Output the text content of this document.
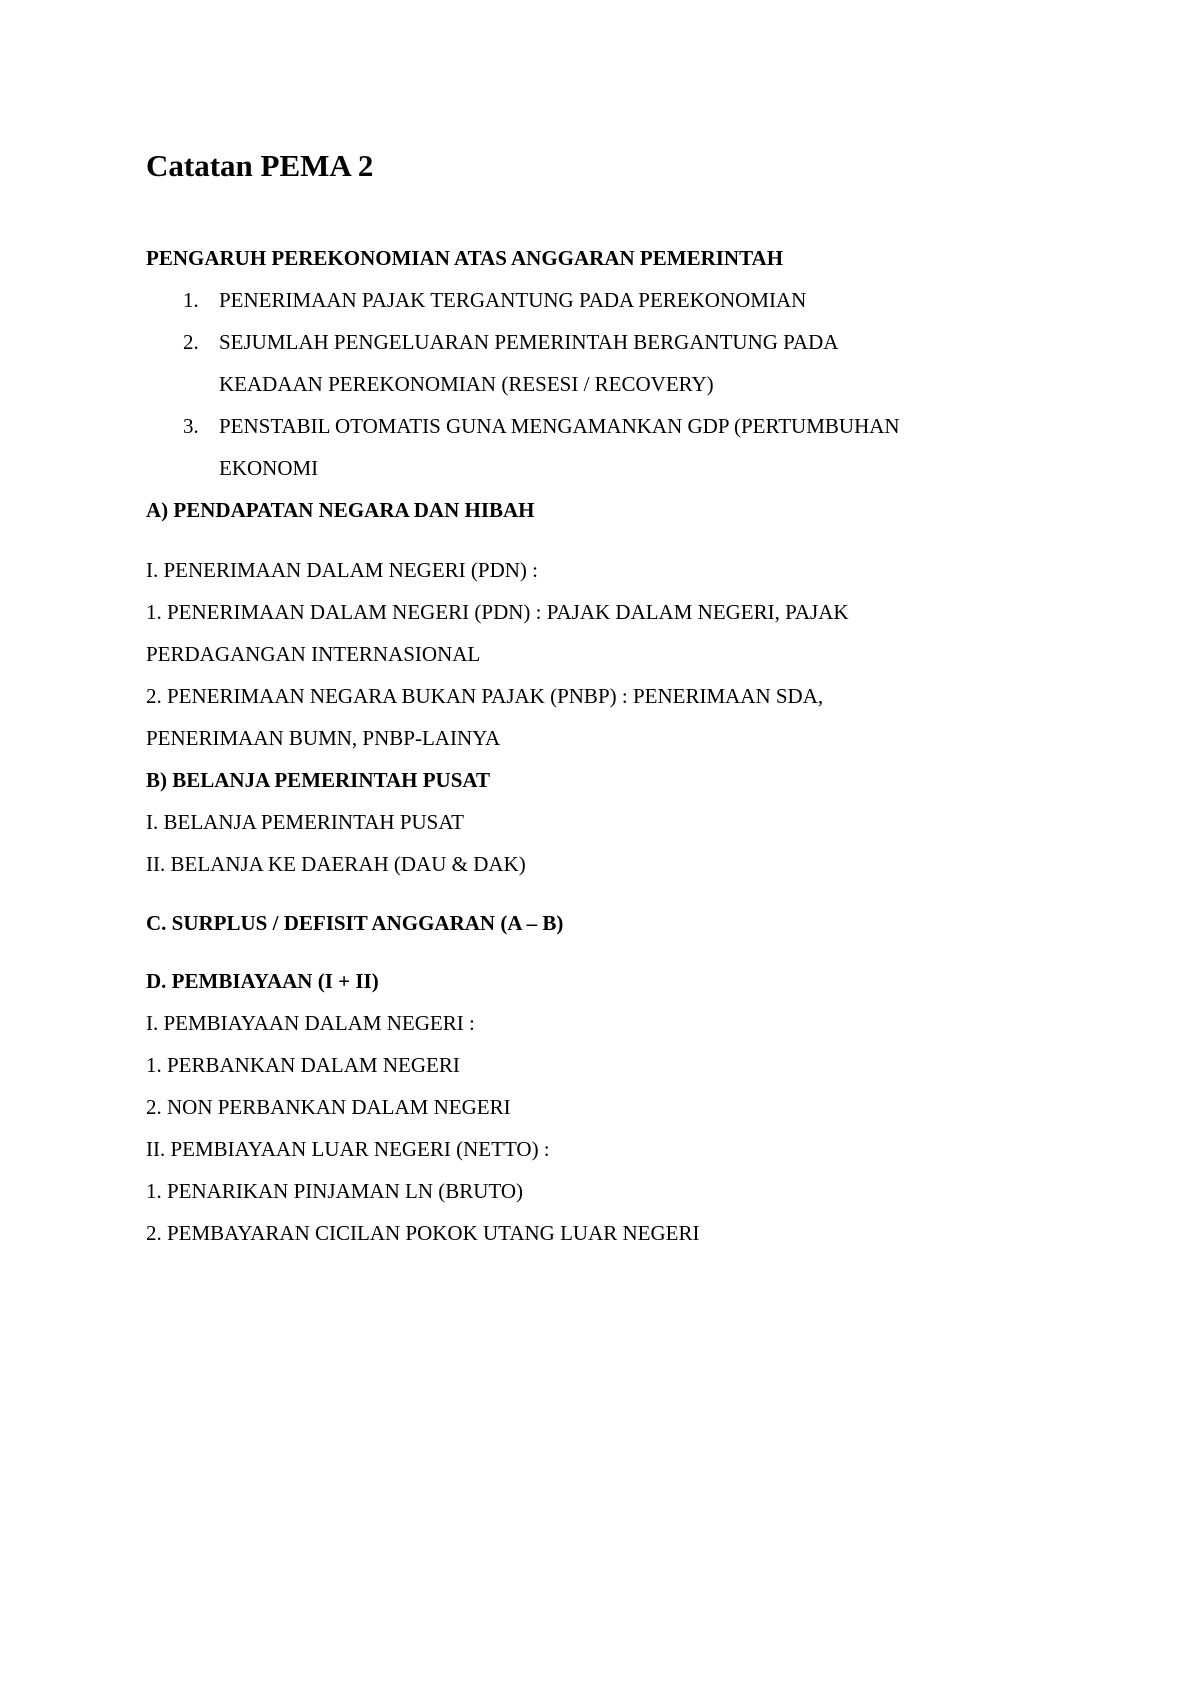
Catatan PEMA 2
PENGARUH PEREKONOMIAN ATAS ANGGARAN PEMERINTAH
1. PENERIMAAN PAJAK TERGANTUNG PADA PEREKONOMIAN
2. SEJUMLAH PENGELUARAN PEMERINTAH BERGANTUNG PADA
KEADAAN PEREKONOMIAN (RESESI / RECOVERY)
3. PENSTABIL OTOMATIS GUNA MENGAMANKAN GDP (PERTUMBUHAN
EKONOMI
A) PENDAPATAN NEGARA DAN HIBAH
I. PENERIMAAN DALAM NEGERI (PDN) :
1. PENERIMAAN DALAM NEGERI (PDN) : PAJAK DALAM NEGERI, PAJAK
PERDAGANGAN INTERNASIONAL
2. PENERIMAAN NEGARA BUKAN PAJAK (PNBP) : PENERIMAAN SDA,
PENERIMAAN BUMN, PNBP-LAINYA
B) BELANJA PEMERINTAH PUSAT
I. BELANJA PEMERINTAH PUSAT
II. BELANJA KE DAERAH (DAU & DAK)
C. SURPLUS / DEFISIT ANGGARAN (A – B)
D. PEMBIAYAAN (I + II)
I. PEMBIAYAAN DALAM NEGERI :
1. PERBANKAN DALAM NEGERI
2. NON PERBANKAN DALAM NEGERI
II. PEMBIAYAAN LUAR NEGERI (NETTO) :
1. PENARIKAN PINJAMAN LN (BRUTO)
2. PEMBAYARAN CICILAN POKOK UTANG LUAR NEGERI
